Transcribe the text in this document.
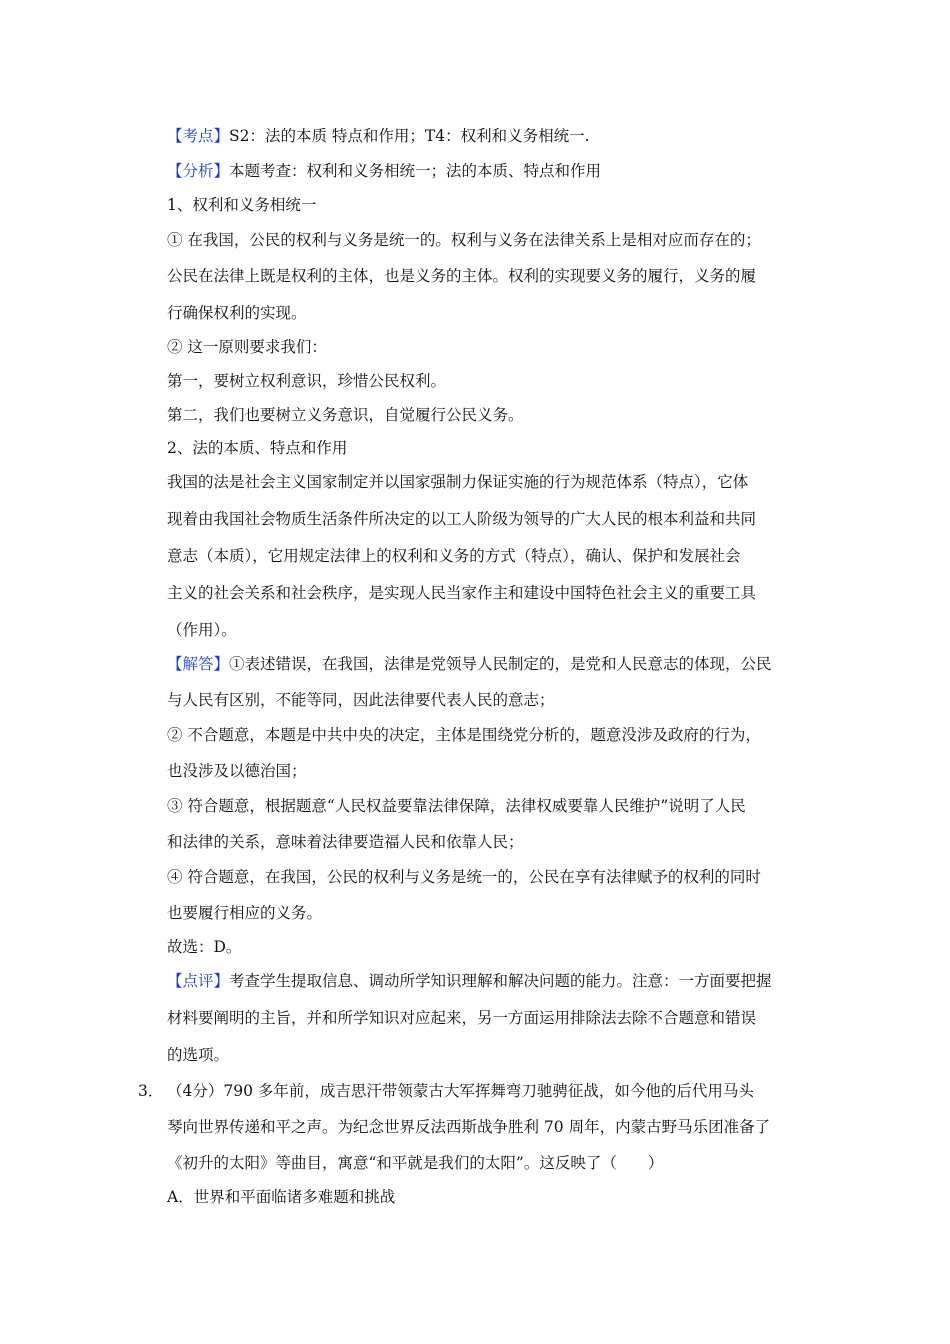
【考点】S2：法的本质 特点和作用；T4：权利和义务相统一.
【分析】本题考查：权利和义务相统一；法的本质、特点和作用
1、权利和义务相统一
① 在我国，公民的权利与义务是统一的。权利与义务在法律关系上是相对应而存在的；
公民在法律上既是权利的主体，也是义务的主体。权利的实现要义务的履行，义务的履
行确保权利的实现。
② 这一原则要求我们：
第一，要树立权利意识，珍惜公民权利。
第二，我们也要树立义务意识，自觉履行公民义务。
2、法的本质、特点和作用
我国的法是社会主义国家制定并以国家强制力保证实施的行为规范体系（特点），它体
现着由我国社会物质生活条件所决定的以工人阶级为领导的广大人民的根本利益和共同
意志（本质），它用规定法律上的权利和义务的方式（特点），确认、保护和发展社会
主义的社会关系和社会秩序，是实现人民当家作主和建设中国特色社会主义的重要工具
（作用）。
【解答】①表述错误，在我国，法律是党领导人民制定的，是党和人民意志的体现，公民
与人民有区别，不能等同，因此法律要代表人民的意志；
② 不合题意，本题是中共中央的决定，主体是围绕党分析的，题意没涉及政府的行为，
也没涉及以德治国；
③ 符合题意，根据题意“人民权益要靠法律保障，法律权威要靠人民维护”说明了人民
和法律的关系，意味着法律要造福人民和依靠人民；
④ 符合题意，在我国，公民的权利与义务是统一的，公民在享有法律赋予的权利的同时
也要履行相应的义务。
故选：D。
【点评】考查学生提取信息、调动所学知识理解和解决问题的能力。注意：一方面要把握
材料要阐明的主旨，并和所学知识对应起来，另一方面运用排除法去除不合题意和错误
的选项。
3． （4分）790 多年前，成吉思汗带领蒙古大军挥舞弯刀驰骋征战，如今他的后代用马头
琴向世界传递和平之声。为纪念世界反法西斯战争胜利 70 周年，内蒙古野马乐团准备了
《初升的太阳》等曲目，寓意“和平就是我们的太阳”。这反映了（　　）
A．世界和平面临诸多难题和挑战
